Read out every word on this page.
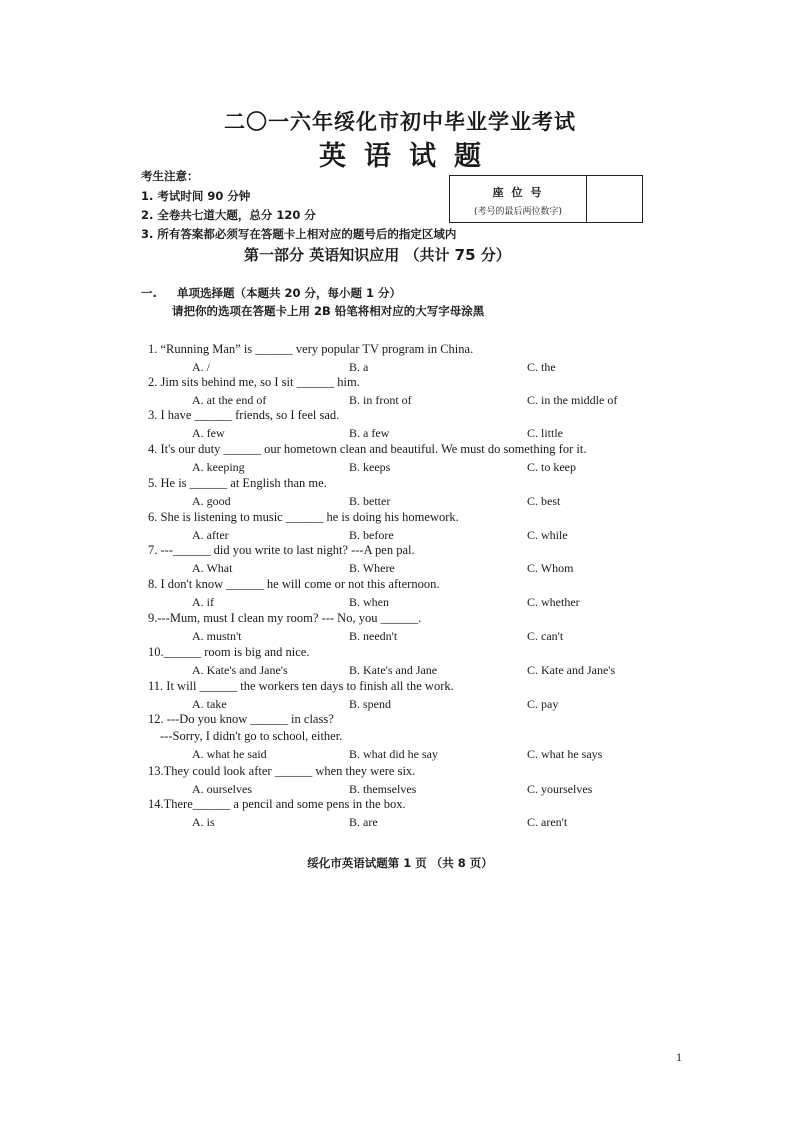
二〇一六年绥化市初中毕业学业考试
英语试题
考生注意：
1. 考试时间 90 分钟
2. 全卷共七道大题，总分 120 分
3. 所有答案都必须写在答题卡上相对应的题号后的指定区域内
座 位 号
(考号的最后两位数字)
第一部分 英语知识应用 （共计 75 分）
一. 单项选择题（本题共 20 分，每小题 1 分）
请把你的选项在答题卡上用 2B 铅笔将相对应的大写字母涂黑
1. “Running Man” is ______ very popular TV program in China.
A. /	B. a	C. the
2. Jim sits behind me, so I sit ______ him.
A. at the end of	B. in front of	C. in the middle of
3. I have ______ friends, so I feel sad.
A. few	B. a few	C. little
4. It's our duty ______ our hometown clean and beautiful. We must do something for it.
A. keeping	B. keeps	C. to keep
5. He is ______ at English than me.
A. good	B. better	C. best
6. She is listening to music ______ he is doing his homework.
A. after	B. before	C. while
7. ---______ did you write to last night? ---A pen pal.
A. What	B. Where	C. Whom
8. I don't know ______ he will come or not this afternoon.
A. if	B. when	C. whether
9.---Mum, must I clean my room? --- No, you ______.
A. mustn't	B. needn't	C. can't
10.______ room is big and nice.
A. Kate's and Jane's	B. Kate's and Jane	C. Kate and Jane's
11. It will ______ the workers ten days to finish all the work.
A. take	B. spend	C. pay
12. ---Do you know ______ in class?
---Sorry, I didn't go to school, either.
A. what he said	B. what did he say	C. what he says
13.They could look after ______ when they were six.
A. ourselves	B. themselves	C. yourselves
14.There______ a pencil and some pens in the box.
A. is	B. are	C. aren't
绥化市英语试题第 1 页 （共 8 页）
1
